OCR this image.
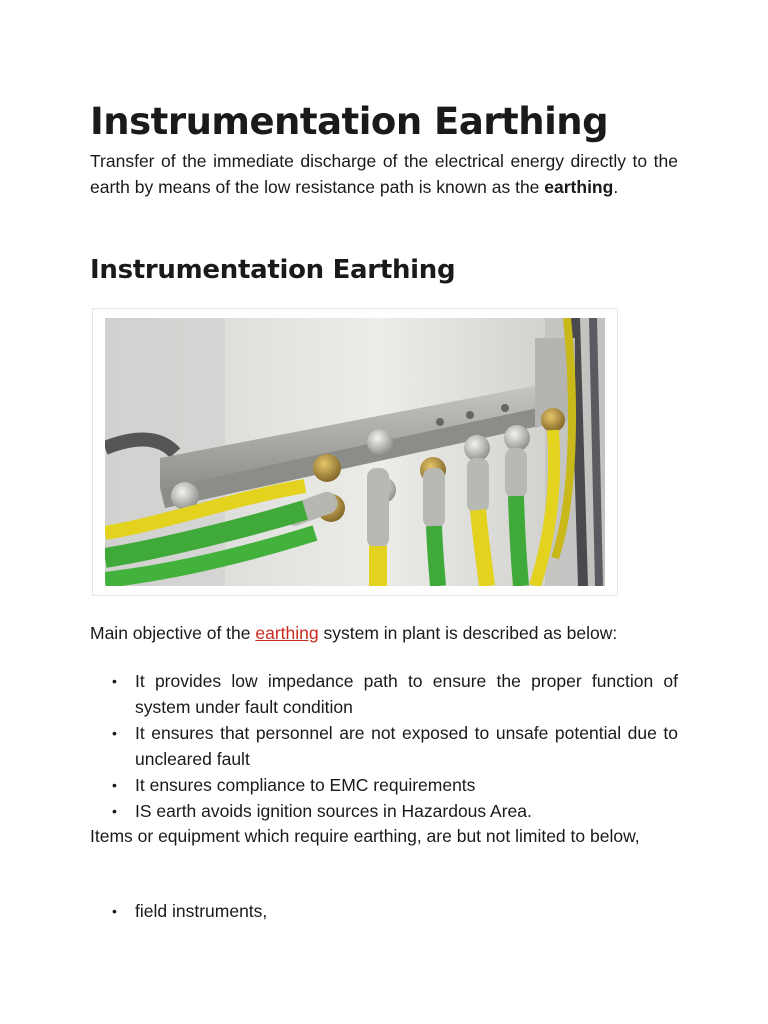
Instrumentation Earthing

Transfer of the immediate discharge of the electrical energy directly to the earth by means of the low resistance path is known as the earthing.

Instrumentation Earthing

Main objective of the earthing system in plant is described as below:

• It provides low impedance path to ensure the proper function of system under fault condition
• It ensures that personnel are not exposed to unsafe potential due to uncleared fault
• It ensures compliance to EMC requirements
• IS earth avoids ignition sources in Hazardous Area.

Items or equipment which require earthing, are but not limited to below,

• field instruments,
